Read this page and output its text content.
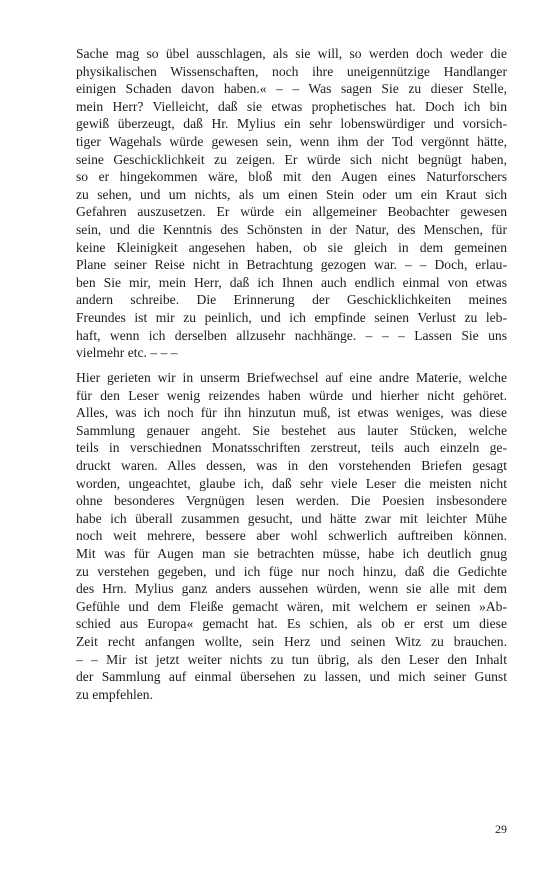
Sache mag so übel ausschlagen, als sie will, so werden doch weder die
physikalischen Wissenschaften, noch ihre uneigennützige Handlanger
einigen Schaden davon haben.« – – Was sagen Sie zu dieser Stelle,
mein Herr? Vielleicht, daß sie etwas prophetisches hat. Doch ich bin
gewiß überzeugt, daß Hr. Mylius ein sehr lobenswürdiger und vorsich-
tiger Wagehals würde gewesen sein, wenn ihm der Tod vergönnt hätte,
seine Geschicklichkeit zu zeigen. Er würde sich nicht begnügt haben,
so er hingekommen wäre, bloß mit den Augen eines Naturforschers
zu sehen, und um nichts, als um einen Stein oder um ein Kraut sich
Gefahren auszusetzen. Er würde ein allgemeiner Beobachter gewesen
sein, und die Kenntnis des Schönsten in der Natur, des Menschen, für
keine Kleinigkeit angesehen haben, ob sie gleich in dem gemeinen
Plane seiner Reise nicht in Betrachtung gezogen war. – – Doch, erlau-
ben Sie mir, mein Herr, daß ich Ihnen auch endlich einmal von etwas
andern schreibe. Die Erinnerung der Geschicklichkeiten meines
Freundes ist mir zu peinlich, und ich empfinde seinen Verlust zu leb-
haft, wenn ich derselben allzusehr nachhänge. – – – Lassen Sie uns
vielmehr etc. – – –
Hier gerieten wir in unserm Briefwechsel auf eine andre Materie, welche
für den Leser wenig reizendes haben würde und hierher nicht gehöret.
Alles, was ich noch für ihn hinzutun muß, ist etwas weniges, was diese
Sammlung genauer angeht. Sie bestehet aus lauter Stücken, welche
teils in verschiednen Monatsschriften zerstreut, teils auch einzeln ge-
druckt waren. Alles dessen, was in den vorstehenden Briefen gesagt
worden, ungeachtet, glaube ich, daß sehr viele Leser die meisten nicht
ohne besonderes Vergnügen lesen werden. Die Poesien insbesondere
habe ich überall zusammen gesucht, und hätte zwar mit leichter Mühe
noch weit mehrere, bessere aber wohl schwerlich auftreiben können.
Mit was für Augen man sie betrachten müsse, habe ich deutlich gnug
zu verstehen gegeben, und ich füge nur noch hinzu, daß die Gedichte
des Hrn. Mylius ganz anders aussehen würden, wenn sie alle mit dem
Gefühle und dem Fleiße gemacht wären, mit welchem er seinen »Ab-
schied aus Europa« gemacht hat. Es schien, als ob er erst um diese
Zeit recht anfangen wollte, sein Herz und seinen Witz zu brauchen.
– – Mir ist jetzt weiter nichts zu tun übrig, als den Leser den Inhalt
der Sammlung auf einmal übersehen zu lassen, und mich seiner Gunst
zu empfehlen.
29
